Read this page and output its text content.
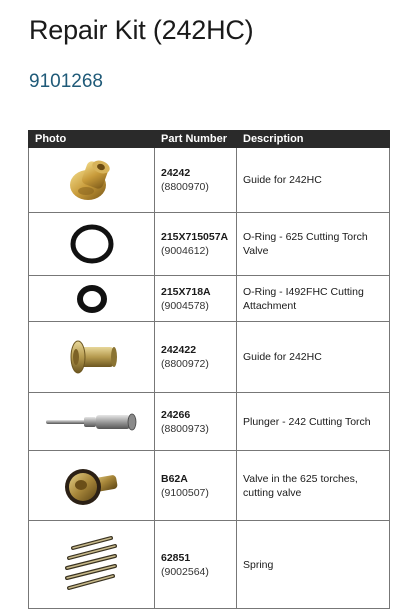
Repair Kit (242HC)
9101268
Photo	Part Number	Description

24242
(8800970)	Guide for 242HC

215X715057A
(9004612)	O-Ring - 625 Cutting Torch Valve

215X718A
(9004578)	O-Ring - I492FHC Cutting Attachment

242422
(8800972)	Guide for 242HC

24266
(8800973)	Plunger - 242 Cutting Torch

B62A
(9100507)	Valve in the 625 torches, cutting valve

62851
(9002564)	Spring
